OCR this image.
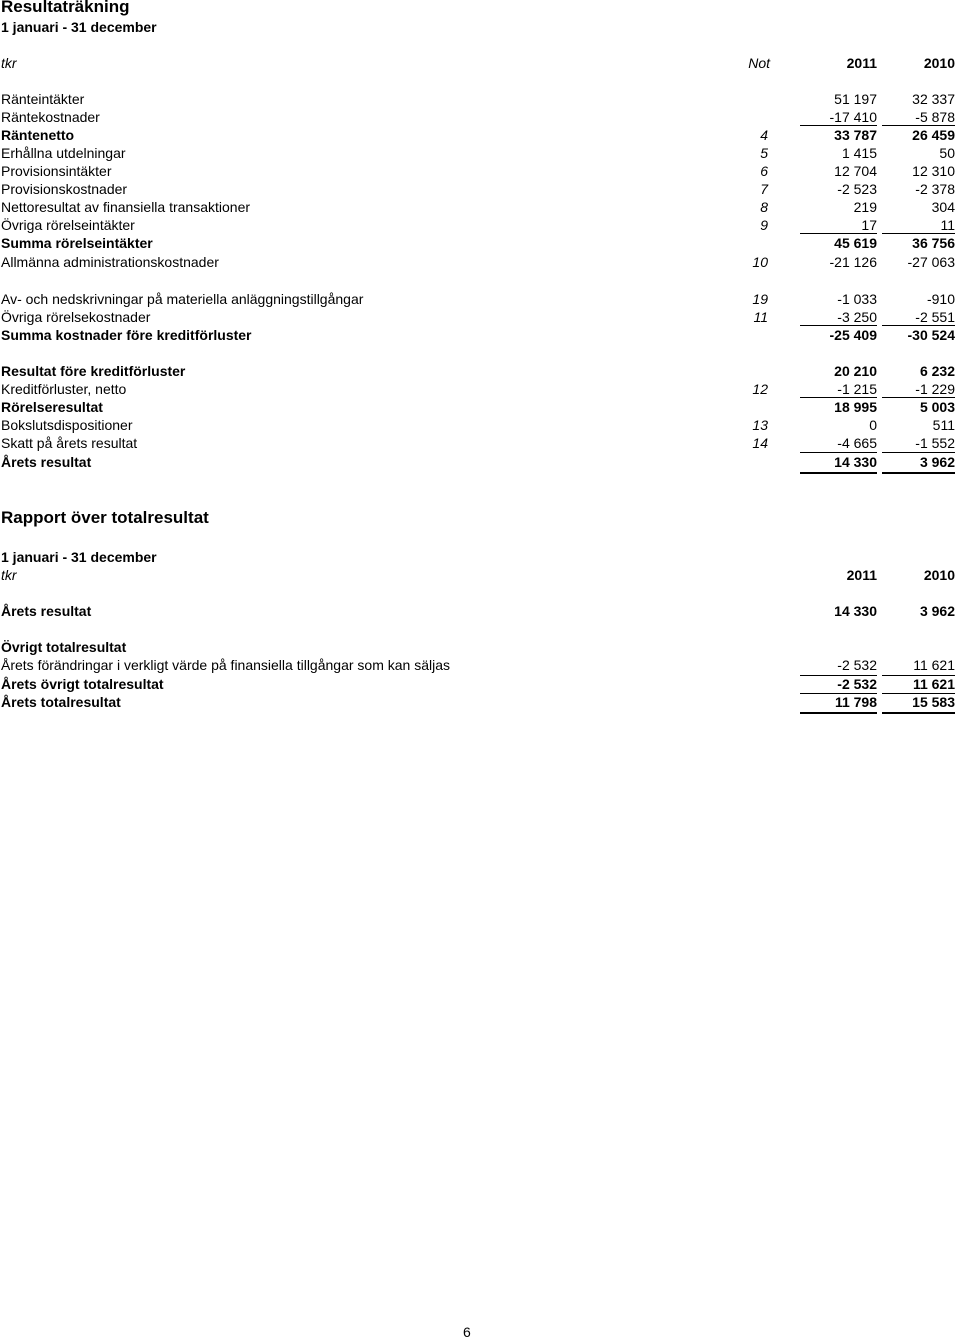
Resultaträkning
1 januari - 31 december
tkr	Not	2011	2010
Ränteintäkter	51 197	32 337
Räntekostnader	-17 410	-5 878
Räntenetto	4	33 787	26 459
Erhållna utdelningar	5	1 415	50
Provisionsintäkter	6	12 704	12 310
Provisionskostnader	7	-2 523	-2 378
Nettoresultat av finansiella transaktioner	8	219	304
Övriga rörelseintäkter	9	17	11
Summa rörelseintäkter	45 619	36 756
Allmänna administrationskostnader	10	-21 126	-27 063
Av- och nedskrivningar på materiella anläggningstillgångar	19	-1 033	-910
Övriga rörelsekostnader	11	-3 250	-2 551
Summa kostnader före kreditförluster	-25 409	-30 524
Resultat före kreditförluster	20 210	6 232
Kreditförluster, netto	12	-1 215	-1 229
Rörelseresultat	18 995	5 003
Bokslutsdispositioner	13	0	511
Skatt på årets resultat	14	-4 665	-1 552
Årets resultat	14 330	3 962
Rapport över totalresultat
1 januari - 31 december
tkr	2011	2010
Årets resultat	14 330	3 962
Övrigt totalresultat
Årets förändringar i verkligt värde på finansiella tillgångar som kan säljas	-2 532	11 621
Årets övrigt totalresultat	-2 532	11 621
Årets totalresultat	11 798	15 583
6
